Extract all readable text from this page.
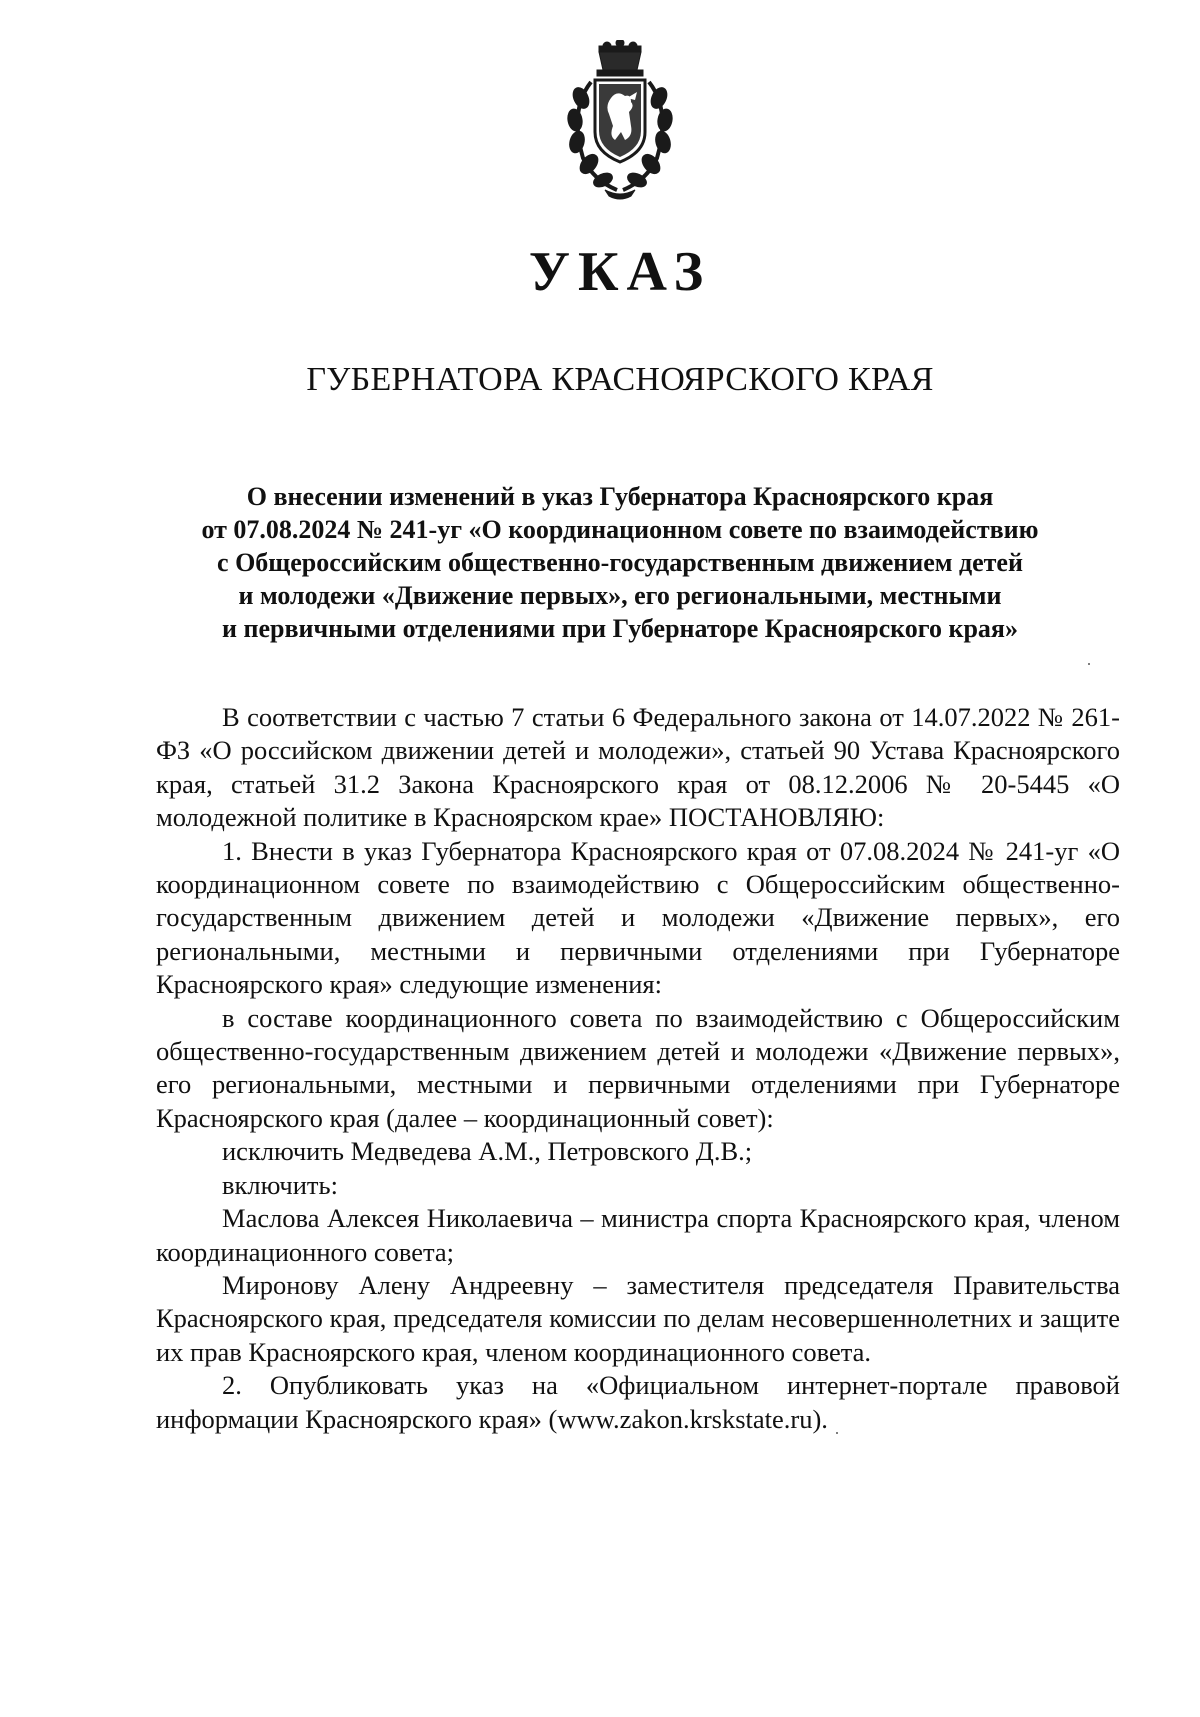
УКАЗ
ГУБЕРНАТОРА КРАСНОЯРСКОГО КРАЯ
О внесении изменений в указ Губернатора Красноярского края
от 07.08.2024 № 241-уг «О координационном совете по взаимодействию
с Общероссийским общественно-государственным движением детей
и молодежи «Движение первых», его региональными, местными
и первичными отделениями при Губернаторе Красноярского края»

В соответствии с частью 7 статьи 6 Федерального закона от 14.07.2022 № 261-ФЗ «О российском движении детей и молодежи», статьей 90 Устава Красноярского края, статьей 31.2 Закона Красноярского края от 08.12.2006 № 20-5445 «О молодежной политике в Красноярском крае» ПОСТАНОВЛЯЮ:

1. Внести в указ Губернатора Красноярского края от 07.08.2024 № 241-уг «О координационном совете по взаимодействию с Общероссийским общественно-государственным движением детей и молодежи «Движение первых», его региональными, местными и первичными отделениями при Губернаторе Красноярского края» следующие изменения:

в составе координационного совета по взаимодействию с Общероссийским общественно-государственным движением детей и молодежи «Движение первых», его региональными, местными и первичными отделениями при Губернаторе Красноярского края (далее – координационный совет):

исключить Медведева А.М., Петровского Д.В.;

включить:

Маслова Алексея Николаевича – министра спорта Красноярского края, членом координационного совета;

Миронову Алену Андреевну – заместителя председателя Правительства Красноярского края, председателя комиссии по делам несовершеннолетних и защите их прав Красноярского края, членом координационного совета.

2. Опубликовать указ на «Официальном интернет-портале правовой информации Красноярского края» (www.zakon.krskstate.ru).
